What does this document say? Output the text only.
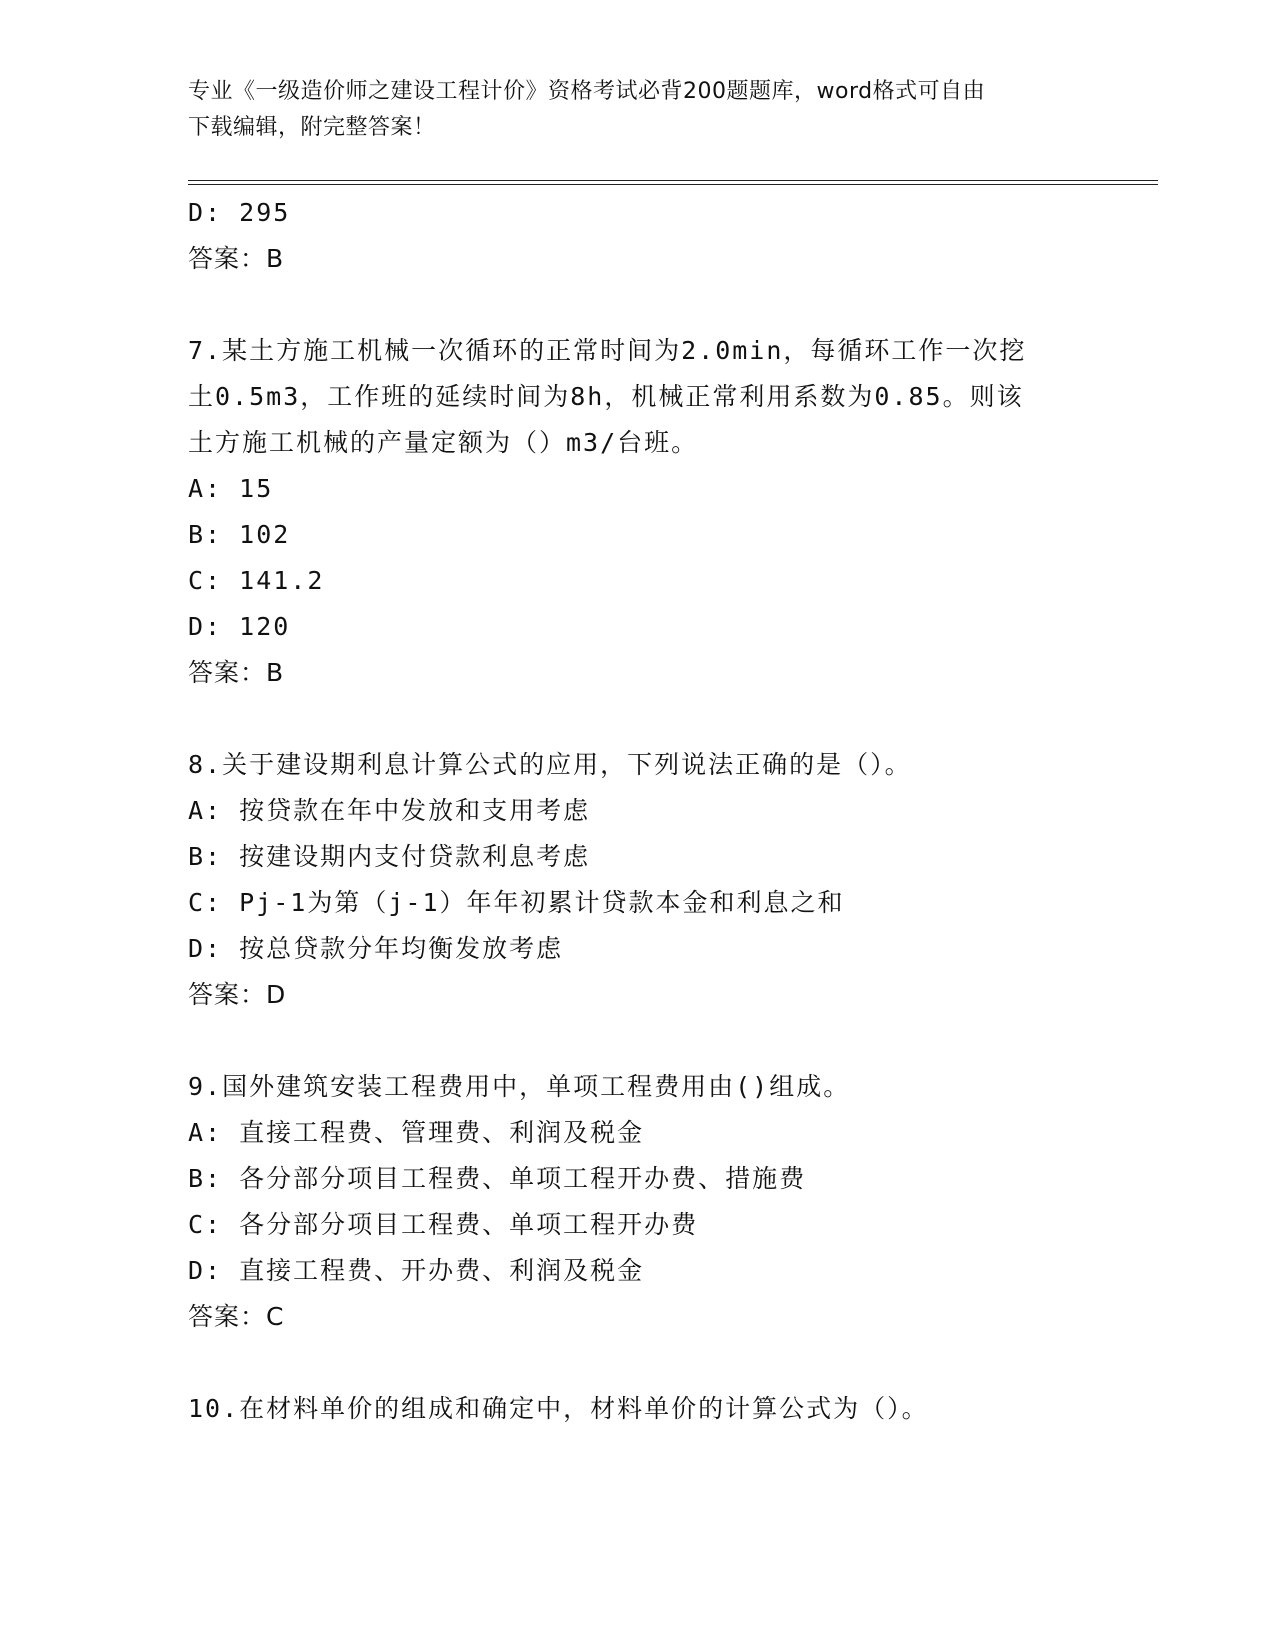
专业《一级造价师之建设工程计价》资格考试必背200题题库，word格式可自由
下载编辑，附完整答案！
D: 295
答案：B
7.某土方施工机械一次循环的正常时间为2.0min，每循环工作一次挖
土0.5m3，工作班的延续时间为8h，机械正常利用系数为0.85。则该
土方施工机械的产量定额为（）m3/台班。
A: 15
B: 102
C: 141.2
D: 120
答案：B
8.关于建设期利息计算公式的应用，下列说法正确的是（）。
A: 按贷款在年中发放和支用考虑
B: 按建设期内支付贷款利息考虑
C: Pj-1为第（j-1）年年初累计贷款本金和利息之和
D: 按总贷款分年均衡发放考虑
答案：D
9.国外建筑安装工程费用中，单项工程费用由()组成。
A: 直接工程费、管理费、利润及税金
B: 各分部分项目工程费、单项工程开办费、措施费
C: 各分部分项目工程费、单项工程开办费
D: 直接工程费、开办费、利润及税金
答案：C
10.在材料单价的组成和确定中，材料单价的计算公式为（）。
